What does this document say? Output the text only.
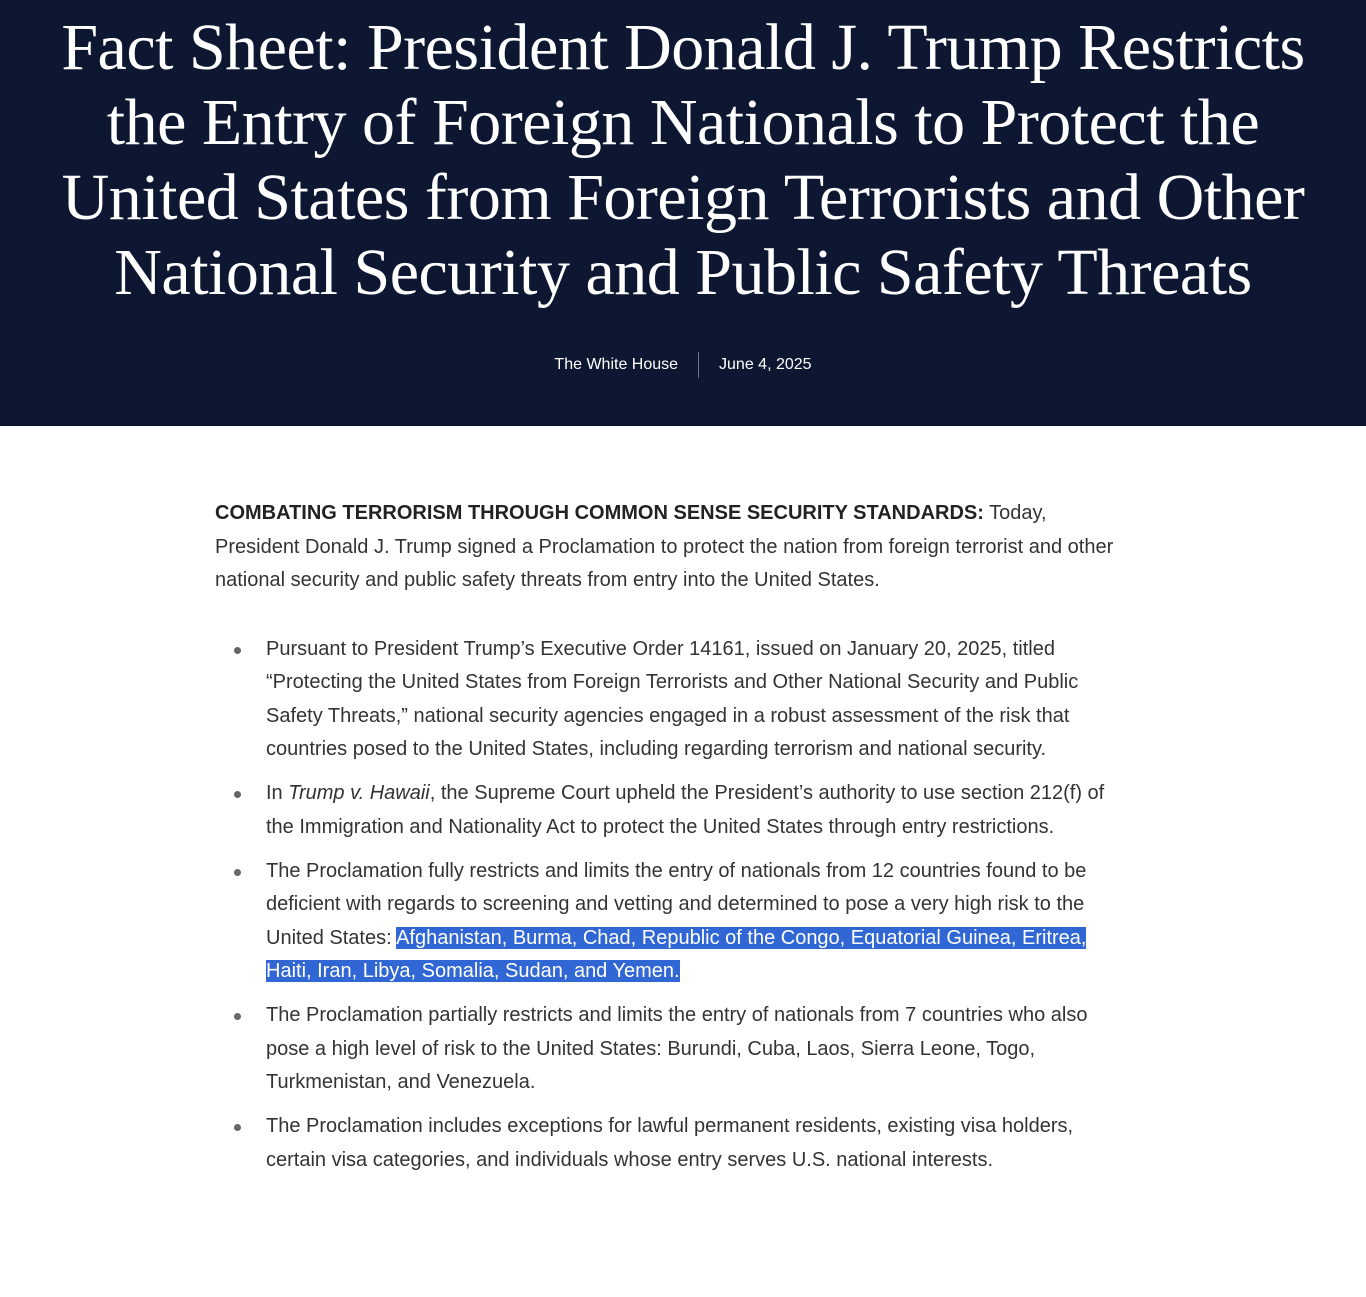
Fact Sheet: President Donald J. Trump Restricts the Entry of Foreign Nationals to Protect the United States from Foreign Terrorists and Other National Security and Public Safety Threats
The White House	June 4, 2025

COMBATING TERRORISM THROUGH COMMON SENSE SECURITY STANDARDS: Today, President Donald J. Trump signed a Proclamation to protect the nation from foreign terrorist and other national security and public safety threats from entry into the United States.

Pursuant to President Trump’s Executive Order 14161, issued on January 20, 2025, titled “Protecting the United States from Foreign Terrorists and Other National Security and Public Safety Threats,” national security agencies engaged in a robust assessment of the risk that countries posed to the United States, including regarding terrorism and national security.
In Trump v. Hawaii, the Supreme Court upheld the President’s authority to use section 212(f) of the Immigration and Nationality Act to protect the United States through entry restrictions.
The Proclamation fully restricts and limits the entry of nationals from 12 countries found to be deficient with regards to screening and vetting and determined to pose a very high risk to the United States: Afghanistan, Burma, Chad, Republic of the Congo, Equatorial Guinea, Eritrea, Haiti, Iran, Libya, Somalia, Sudan, and Yemen.
The Proclamation partially restricts and limits the entry of nationals from 7 countries who also pose a high level of risk to the United States: Burundi, Cuba, Laos, Sierra Leone, Togo, Turkmenistan, and Venezuela.
The Proclamation includes exceptions for lawful permanent residents, existing visa holders, certain visa categories, and individuals whose entry serves U.S. national interests.
